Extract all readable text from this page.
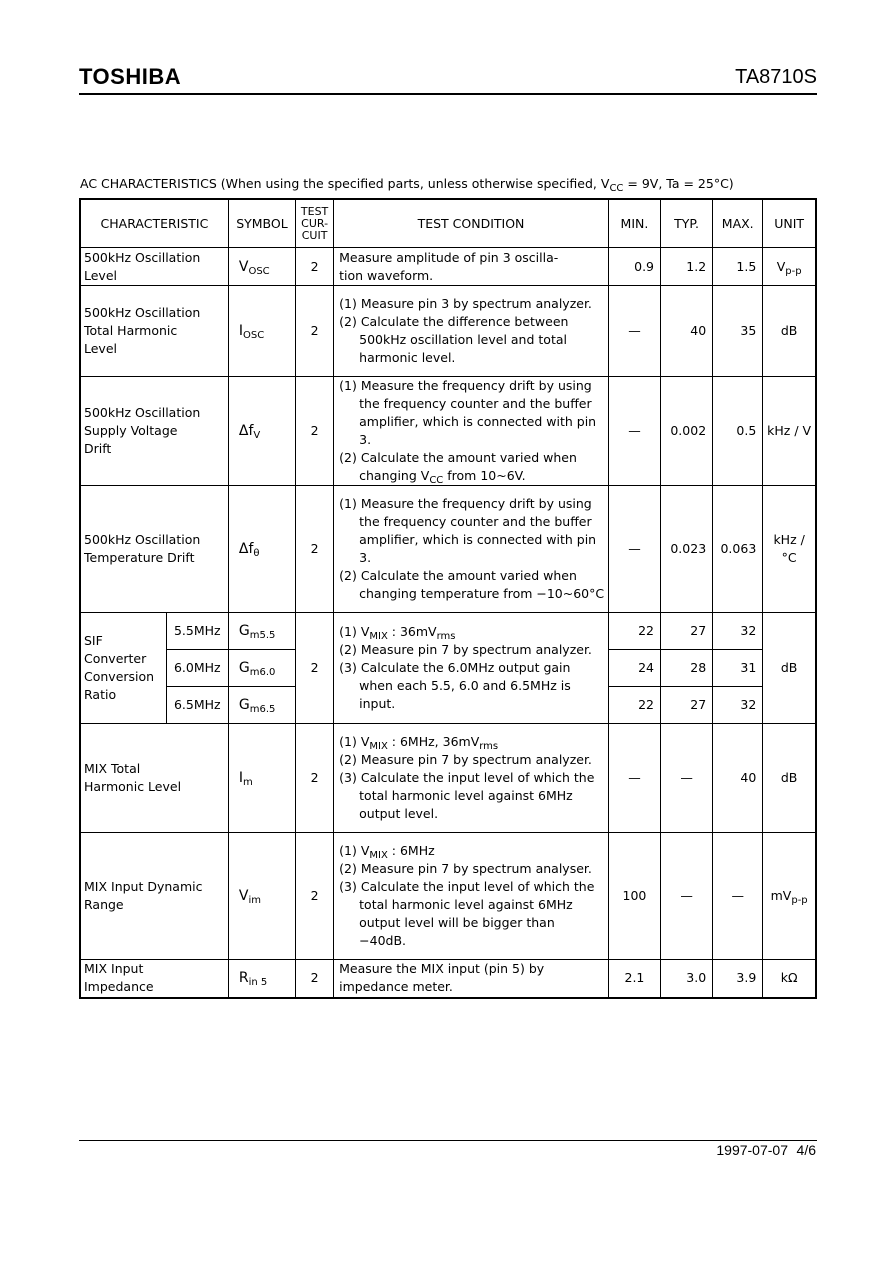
TOSHIBA	TA8710S
AC CHARACTERISTICS (When using the specified parts, unless otherwise specified, $V_{CC} = 9V$, Ta = 25°C)
CHARACTERISTIC		SYMBOL	TEST
CUR-
CUIT	TEST CONDITION	MIN.	TYP.	MAX.	UNIT
500kHz Oscillation
Level		$V_{OSC}$	2	Measure amplitude of pin 3 oscilla-
tion waveform.	0.9	1.2	1.5	$V_{p-p}$
500kHz Oscillation
Total Harmonic
Level		$I_{OSC}$	2	(1) Measure pin 3 by spectrum analyzer.
(2) Calculate the difference between 500kHz oscillation level and total harmonic level.	—	40	35	dB
500kHz Oscillation
Supply Voltage
Drift		$\Delta f_V$	2	(1) Measure the frequency drift by using the frequency counter and the buffer amplifier, which is connected with pin 3.
(2) Calculate the amount varied when changing $V_{CC}$ from 10~6V.	—	0.002	0.5	kHz / V
500kHz Oscillation
Temperature Drift		$\Delta f_\theta$	2	(1) Measure the frequency drift by using the frequency counter and the buffer amplifier, which is connected with pin 3.
(2) Calculate the amount varied when changing temperature from −10~60°C	—	0.023	0.063	kHz / °C
SIF
Converter
Conversion
Ratio	5.5MHz	$G_{m5.5}$	2	(1) $V_{MIX}$ : $36mV_{rms}$
(2) Measure pin 7 by spectrum analyzer.
(3) Calculate the 6.0MHz output gain when each 5.5, 6.0 and 6.5MHz is input.	22	27	32	dB
	6.0MHz	$G_{m6.0}$			24	28	31	
	6.5MHz	$G_{m6.5}$			22	27	32	
MIX Total
Harmonic Level		$I_m$	2	(1) $V_{MIX}$ : 6MHz, $36mV_{rms}$
(2) Measure pin 7 by spectrum analyzer.
(3) Calculate the input level of which the total harmonic level against 6MHz output level.	—	—	40	dB
MIX Input Dynamic
Range		$V_{im}$	2	(1) $V_{MIX}$ : 6MHz
(2) Measure pin 7 by spectrum analyser.
(3) Calculate the input level of which the total harmonic level against 6MHz output level will be bigger than −40dB.	100	—	—	$mV_{p-p}$
MIX Input
Impedance		$R_{in 5}$	2	Measure the MIX input (pin 5) by
impedance meter.	2.1	3.0	3.9	kΩ
1997-07-07 4/6
